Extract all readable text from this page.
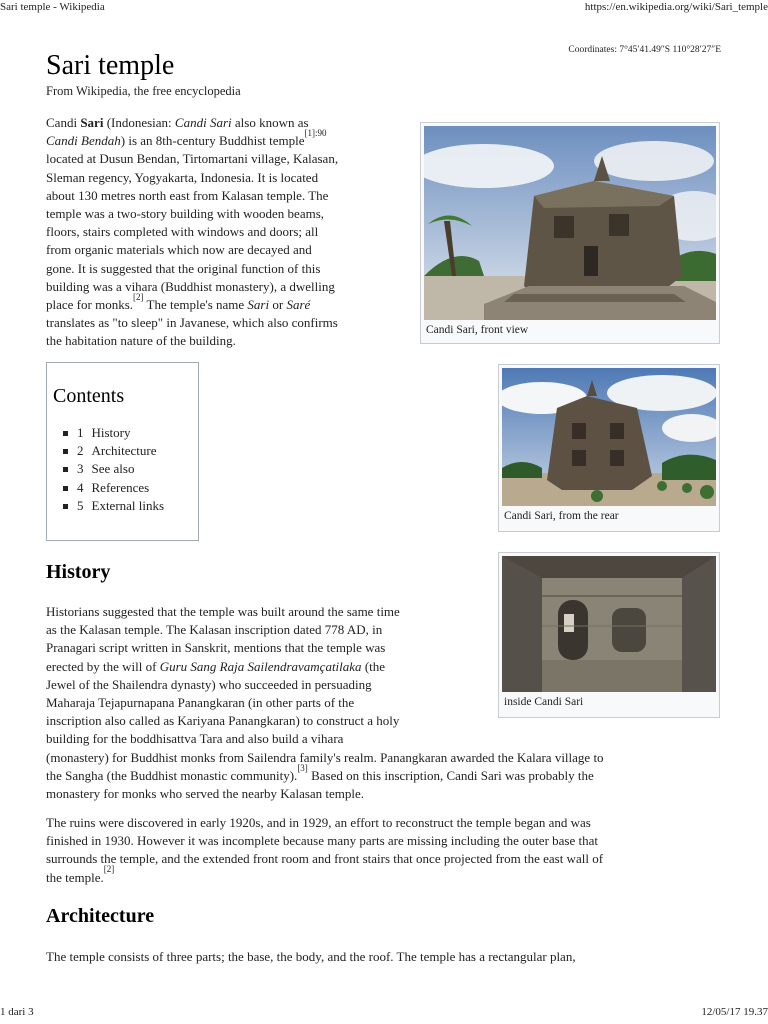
Sari temple - Wikipedia	https://en.wikipedia.org/wiki/Sari_temple
Coordinates: 7°45′41.49″S 110°28′27″E
Sari temple
From Wikipedia, the free encyclopedia
Candi Sari (Indonesian: Candi Sari also known as
Candi Bendah) is an 8th-century Buddhist temple$^{[1]:90}$
located at Dusun Bendan, Tirtomartani village, Kalasan,
Sleman regency, Yogyakarta, Indonesia. It is located
about 130 metres north east from Kalasan temple. The
temple was a two-story building with wooden beams,
floors, stairs completed with windows and doors; all
from organic materials which now are decayed and
gone. It is suggested that the original function of this
building was a vihara (Buddhist monastery), a dwelling
place for monks.[2] The temple's name Sari or Saré
translates as "to sleep" in Javanese, which also confirms
the habitation nature of the building.
Candi Sari, front view
Contents
1 History
2 Architecture
3 See also
4 References
5 External links
Candi Sari, from the rear
History
inside Candi Sari
Historians suggested that the temple was built around the same time
as the Kalasan temple. The Kalasan inscription dated 778 AD, in
Pranagari script written in Sanskrit, mentions that the temple was
erected by the will of Guru Sang Raja Sailendravamçatilaka (the
Jewel of the Shailendra dynasty) who succeeded in persuading
Maharaja Tejapurnapana Panangkaran (in other parts of the
inscription also called as Kariyana Panangkaran) to construct a holy
building for the boddhisattva Tara and also build a vihara
(monastery) for Buddhist monks from Sailendra family's realm. Panangkaran awarded the Kalara village to
the Sangha (the Buddhist monastic community).[3] Based on this inscription, Candi Sari was probably the
monastery for monks who served the nearby Kalasan temple.
The ruins were discovered in early 1920s, and in 1929, an effort to reconstruct the temple began and was
finished in 1930. However it was incomplete because many parts are missing including the outer base that
surrounds the temple, and the extended front room and front stairs that once projected from the east wall of
the temple.[2]
Architecture
The temple consists of three parts; the base, the body, and the roof. The temple has a rectangular plan,
1 dari 3	12/05/17 19.37
